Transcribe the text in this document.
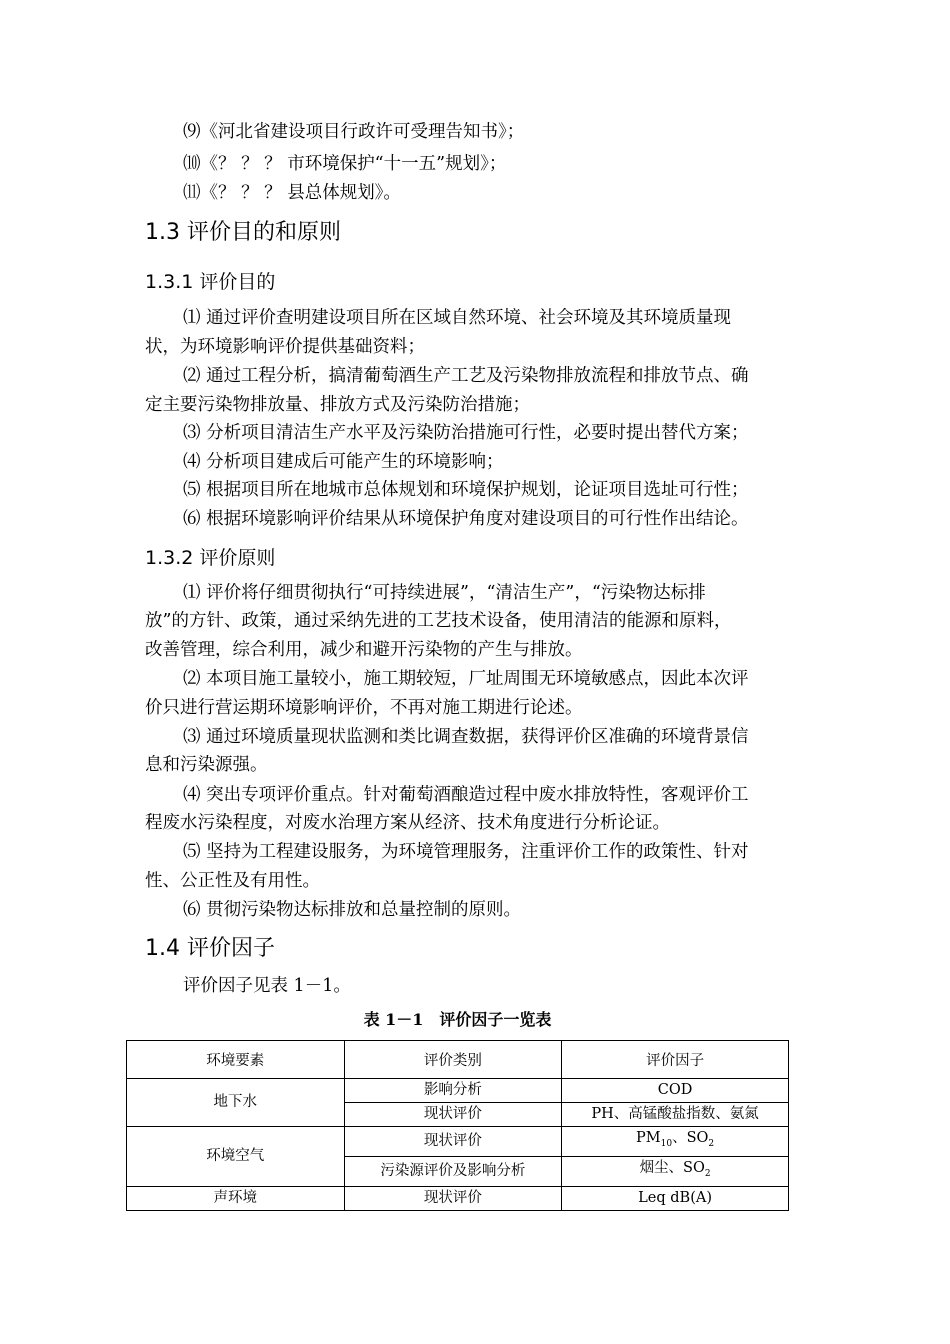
⑼《河北省建设项目行政许可受理告知书》；
⑽《？ ？ ？ 市环境保护“十一五”规划》；
⑾《？ ？ ？ 县总体规划》。
1.3 评价目的和原则
1.3.1 评价目的
⑴ 通过评价查明建设项目所在区域自然环境、社会环境及其环境质量现
状，为环境影响评价提供基础资料；
⑵ 通过工程分析，搞清葡萄酒生产工艺及污染物排放流程和排放节点、确
定主要污染物排放量、排放方式及污染防治措施；
⑶ 分析项目清洁生产水平及污染防治措施可行性，必要时提出替代方案；
⑷ 分析项目建成后可能产生的环境影响；
⑸ 根据项目所在地城市总体规划和环境保护规划，论证项目选址可行性；
⑹ 根据环境影响评价结果从环境保护角度对建设项目的可行性作出结论。
1.3.2 评价原则
⑴ 评价将仔细贯彻执行“可持续进展”，“清洁生产”，“污染物达标排
放”的方针、政策，通过采纳先进的工艺技术设备，使用清洁的能源和原料，
改善管理，综合利用，减少和避开污染物的产生与排放。
⑵ 本项目施工量较小，施工期较短，厂址周围无环境敏感点，因此本次评
价只进行营运期环境影响评价，不再对施工期进行论述。
⑶ 通过环境质量现状监测和类比调查数据，获得评价区准确的环境背景信
息和污染源强。
⑷ 突出专项评价重点。针对葡萄酒酿造过程中废水排放特性，客观评价工
程废水污染程度，对废水治理方案从经济、技术角度进行分析论证。
⑸ 坚持为工程建设服务，为环境管理服务，注重评价工作的政策性、针对
性、公正性及有用性。
⑹ 贯彻污染物达标排放和总量控制的原则。
1.4 评价因子
评价因子见表 1－1。
表 1－1　评价因子一览表
环境要素	评价类别	评价因子
地下水	影响分析	COD
	现状评价	PH、高锰酸盐指数、氨氮
环境空气	现状评价	$PM_{10}$、$SO_2$
	污染源评价及影响分析	烟尘、$SO_2$
声环境	现状评价	Leq dB(A)
